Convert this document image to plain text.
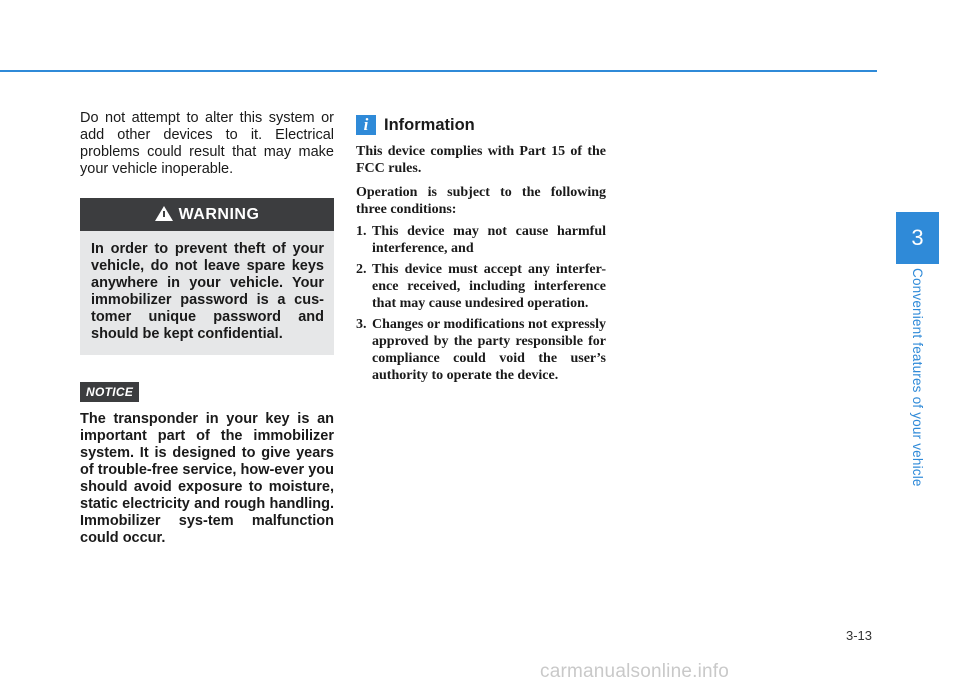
Do not attempt to alter this system or add other devices to it. Electrical problems could result that may make your vehicle inoperable.

WARNING

In order to prevent theft of your vehicle, do not leave spare keys anywhere in your vehicle. Your immobilizer password is a cus-tomer unique password and should be kept confidential.

NOTICE

The transponder in your key is an important part of the immobilizer system. It is designed to give years of trouble-free service, how-ever you should avoid exposure to moisture, static electricity and rough handling. Immobilizer sys-tem malfunction could occur.

i Information

This device complies with Part 15 of the FCC rules.

Operation is subject to the following three conditions:

1. This device may not cause harmful interference, and
2. This device must accept any interfer-ence received, including interference that may cause undesired operation.
3. Changes or modifications not expressly approved by the party responsible for compliance could void the user’s authority to operate the device.
3
Convenient features of your vehicle
3-13
carmanualsonline.info
